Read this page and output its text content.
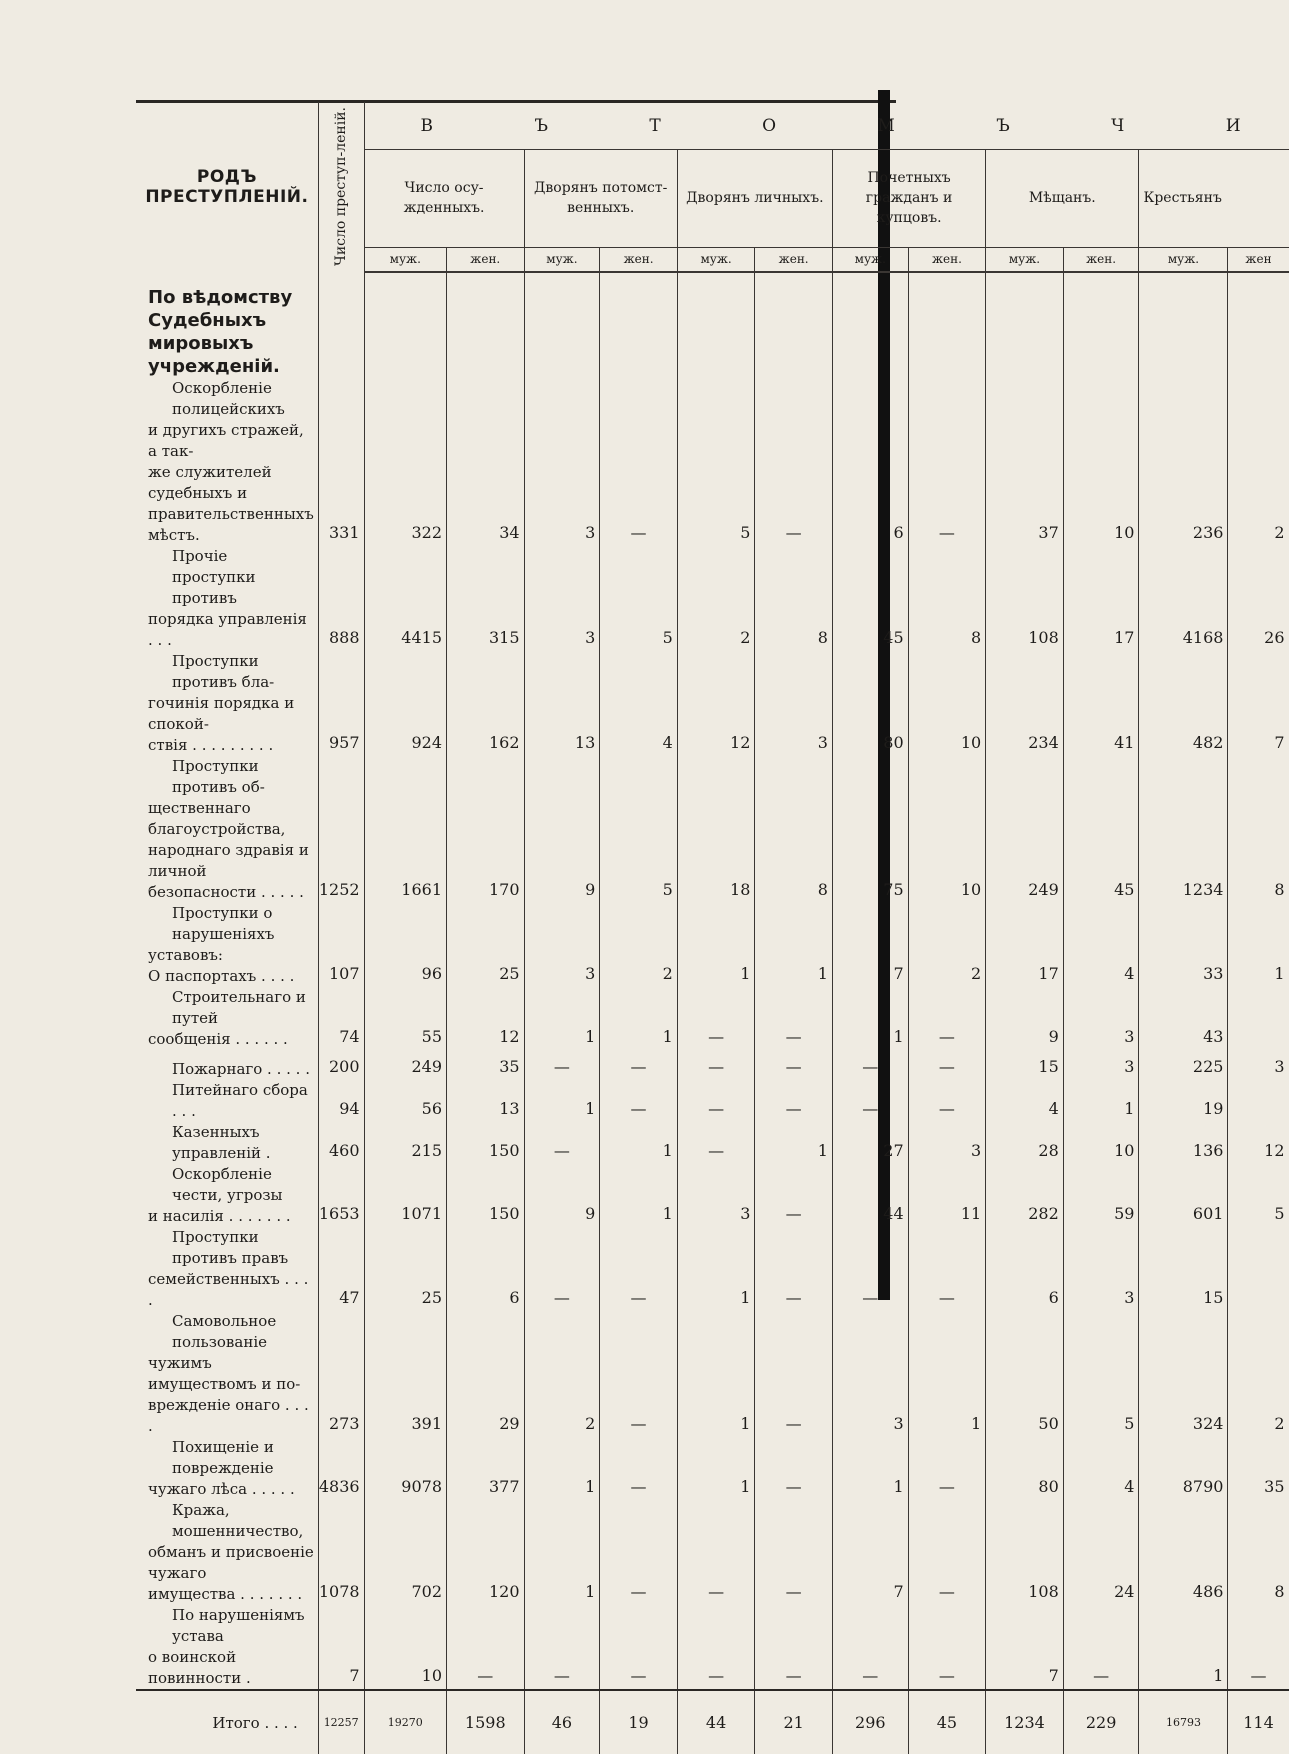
РОДЪ ПРЕСТУПЛЕНІЙ.	Число преступ-леній.	В Ъ Т О М Ъ Ч И											
		Число осу-жденныхъ.		Дворянъ потомст-венныхъ.		Дворянъ личныхъ.		Почетныхъ гражданъ и купцовъ.		Мѣщанъ.		Крестьянъ	
		муж.	жен.	муж.	жен.	муж.	жен.	муж.	жен.	муж.	жен.	муж.	жен
По вѣдомству Судебныхъ мировыхъ учрежденій.													

Оскорбленіе полицейскихъ
и другихъ стражей, а так-
же служителей судебныхъ и
правительственныхъ мѣстъ.	331	322	34	3	—	5	—	6	—	37	10	236	2

Прочіе проступки противъ
порядка управленія . . .	888	4415	315	3	5	2	8	45	8	108	17	4168	26

Проступки противъ бла-
гочинія порядка и спокой-
ствія . . . . . . . . .	957	924	162	13	4	12	3	80	10	234	41	482	7

Проступки противъ об-
щественнаго благоустройства,
народнаго здравія и личной
безопасности . . . . .	1252	1661	170	9	5	18	8	75	10	249	45	1234	8

Проступки о нарушеніяхъ
уставовъ:
О паспортахъ . . . .	107	96	25	3	2	1	1	7	2	17	4	33	1

Строительнаго и путей
сообщенія . . . . . .	74	55	12	1	1	—	—	1	—	9	3	43	

Пожарнаго . . . . .	200	249	35	—	—	—	—	—	—	15	3	225	3

Питейнаго сбора . . .	94	56	13	1	—	—	—	—	—	4	1	19	

Казенныхъ управленій .	460	215	150	—	1	—	1	27	3	28	10	136	12

Оскорбленіе чести, угрозы
и насилія . . . . . . .	1653	1071	150	9	1	3	—	44	11	282	59	601	5

Проступки противъ правъ
семейственныхъ . . . .	47	25	6	—	—	1	—	—	—	6	3	15	

Самовольное пользованіе
чужимъ имуществомъ и по-
врежденіе онаго . . . .	273	391	29	2	—	1	—	3	1	50	5	324	2

Похищеніе и поврежденіе
чужаго лѣса . . . . .	4836	9078	377	1	—	1	—	1	—	80	4	8790	35

Кража, мошенничество,
обманъ и присвоеніе чужаго
имущества . . . . . . .	1078	702	120	1	—	—	—	7	—	108	24	486	8

По нарушеніямъ устава
о воинской повинности .	7	10	—	—	—	—	—	—	—	7	—	1	—
Итого . . . .	12257	19270	1598	46	19	44	21	296	45	1234	229	16793	114
